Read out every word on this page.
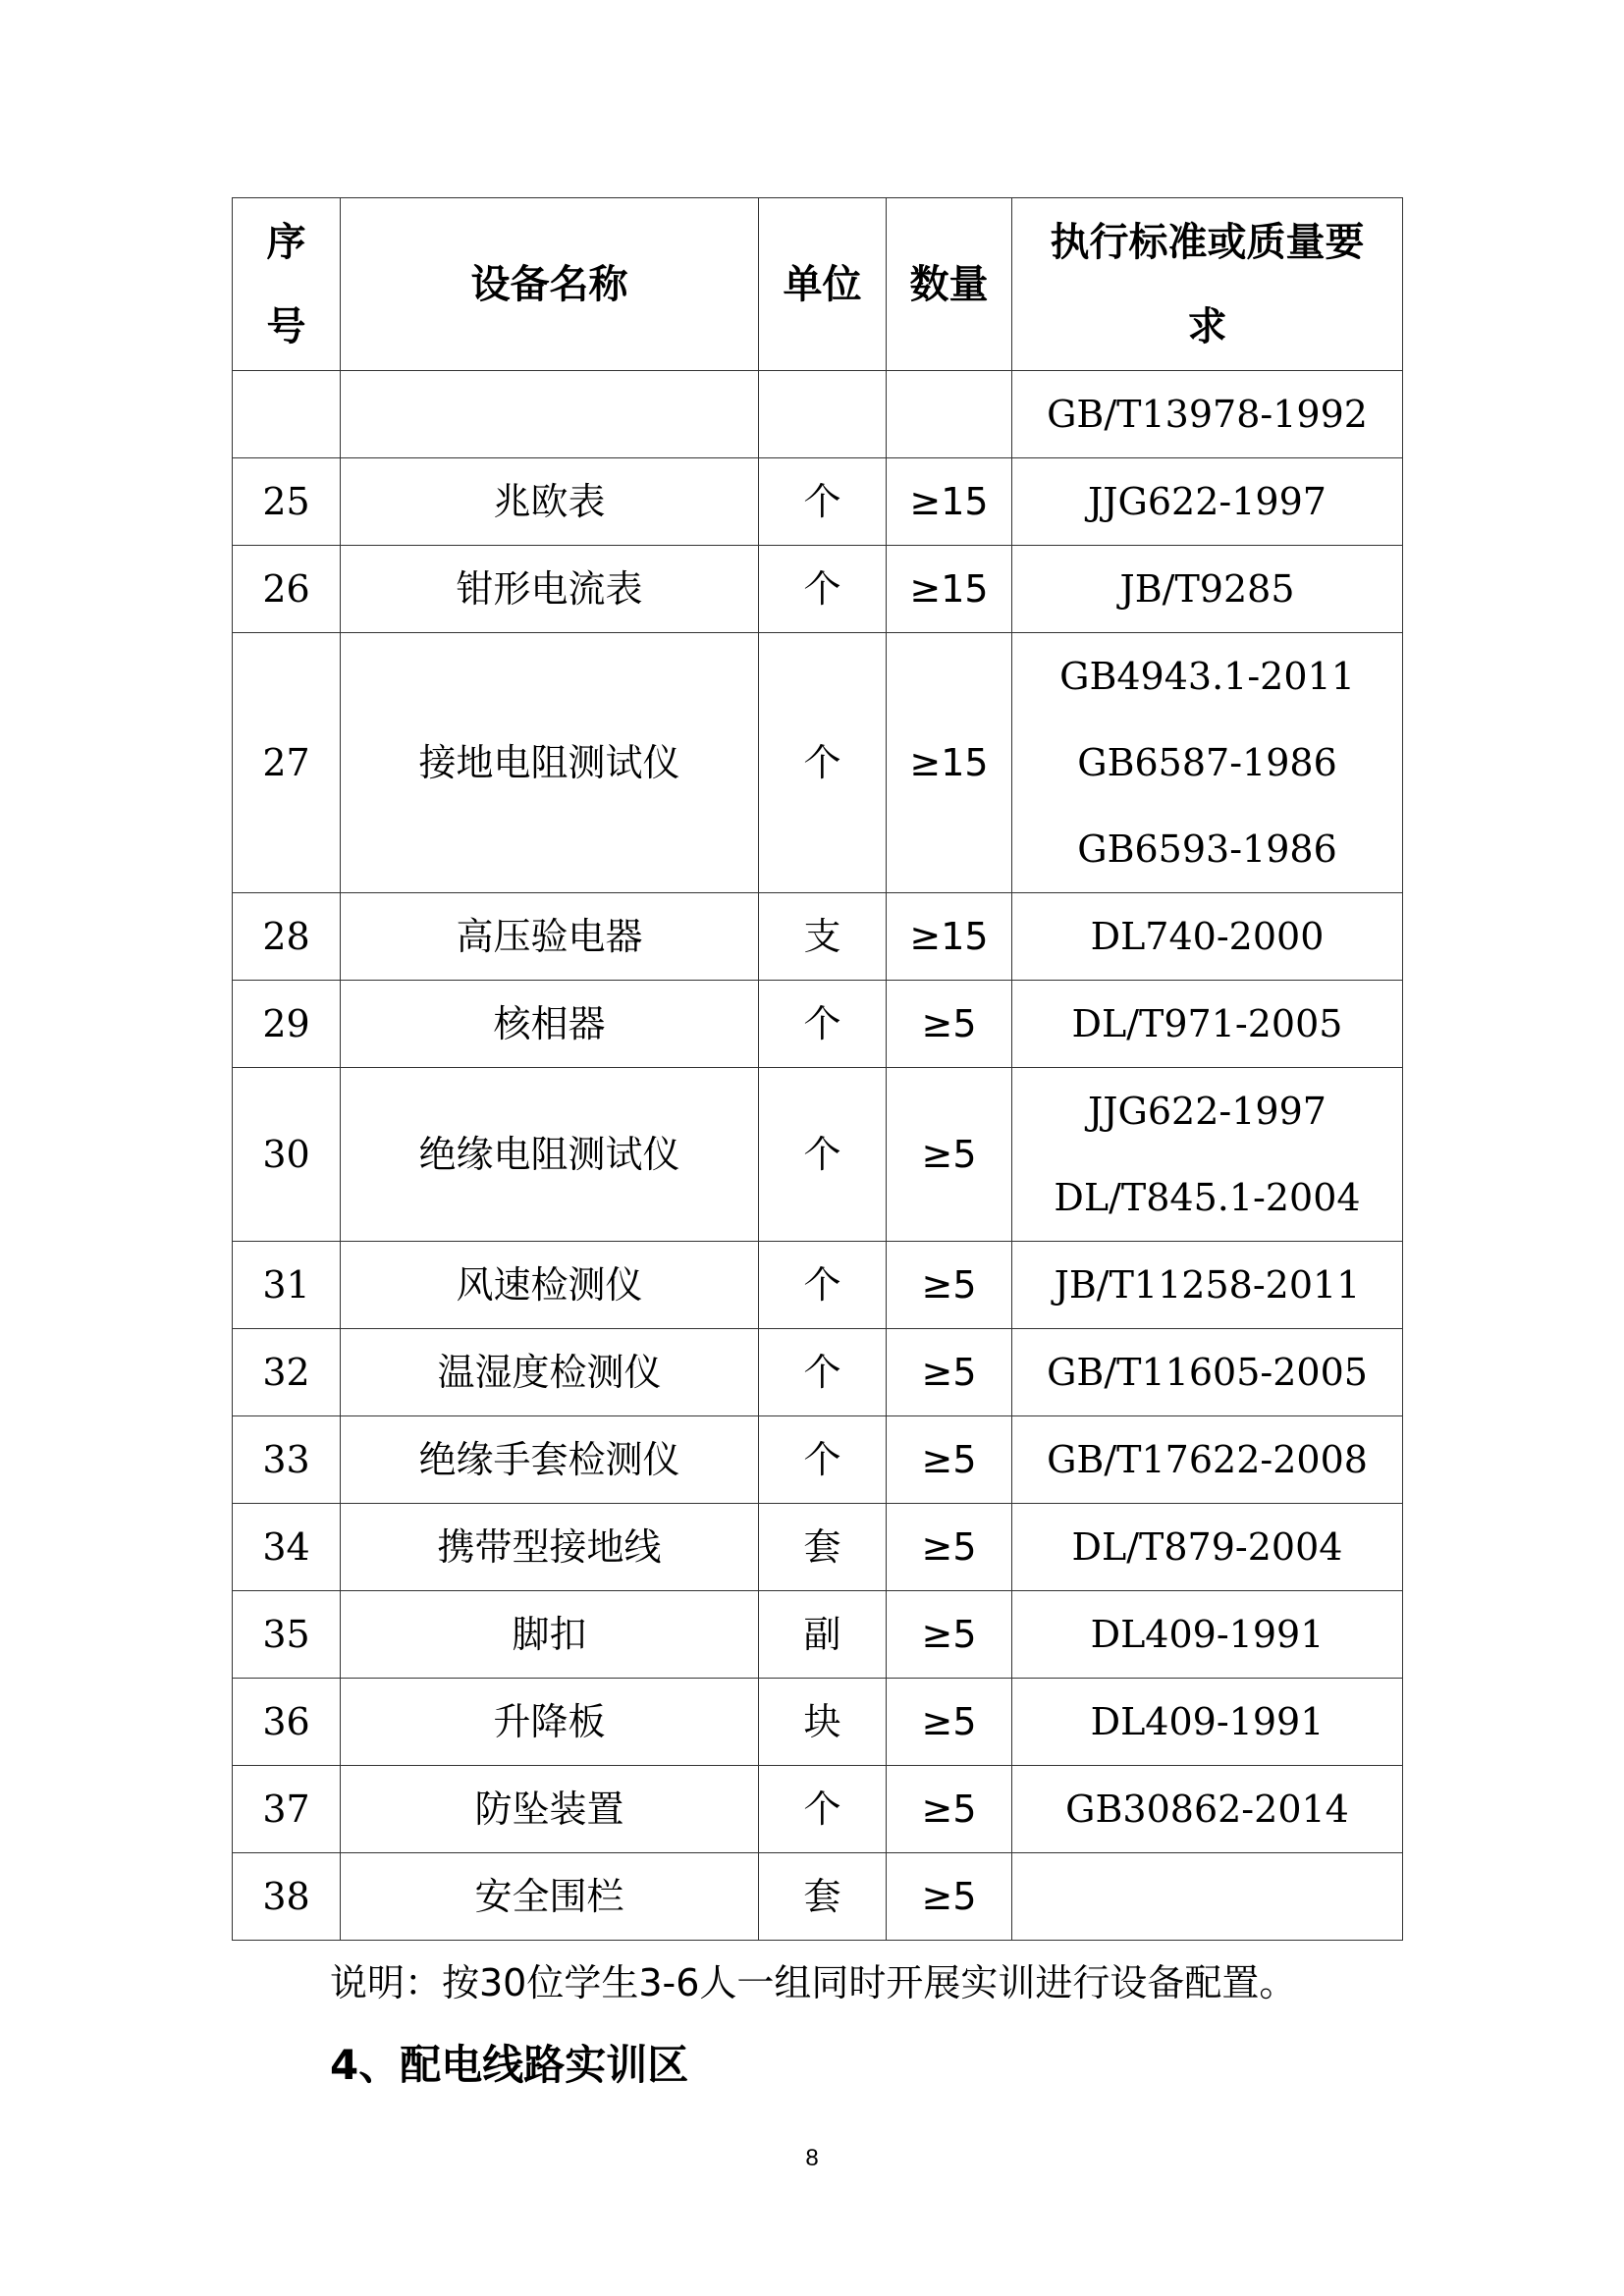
序
号	设备名称	单位	数量	执行标准或质量要
求

				GB/T13978-1992

25	兆欧表	个	≥15	JJG622-1997

26	钳形电流表	个	≥15	JB/T9285

27	接地电阻测试仪	个	≥15	GB4943.1-2011
GB6587-1986
GB6593-1986

28	高压验电器	支	≥15	DL740-2000

29	核相器	个	≥5	DL/T971-2005

30	绝缘电阻测试仪	个	≥5	JJG622-1997
DL/T845.1-2004

31	风速检测仪	个	≥5	JB/T11258-2011

32	温湿度检测仪	个	≥5	GB/T11605-2005

33	绝缘手套检测仪	个	≥5	GB/T17622-2008

34	携带型接地线	套	≥5	DL/T879-2004

35	脚扣	副	≥5	DL409-1991

36	升降板	块	≥5	DL409-1991

37	防坠装置	个	≥5	GB30862-2014

38	安全围栏	套	≥5	
说明：按30位学生3-6人一组同时开展实训进行设备配置。
4、配电线路实训区
8
